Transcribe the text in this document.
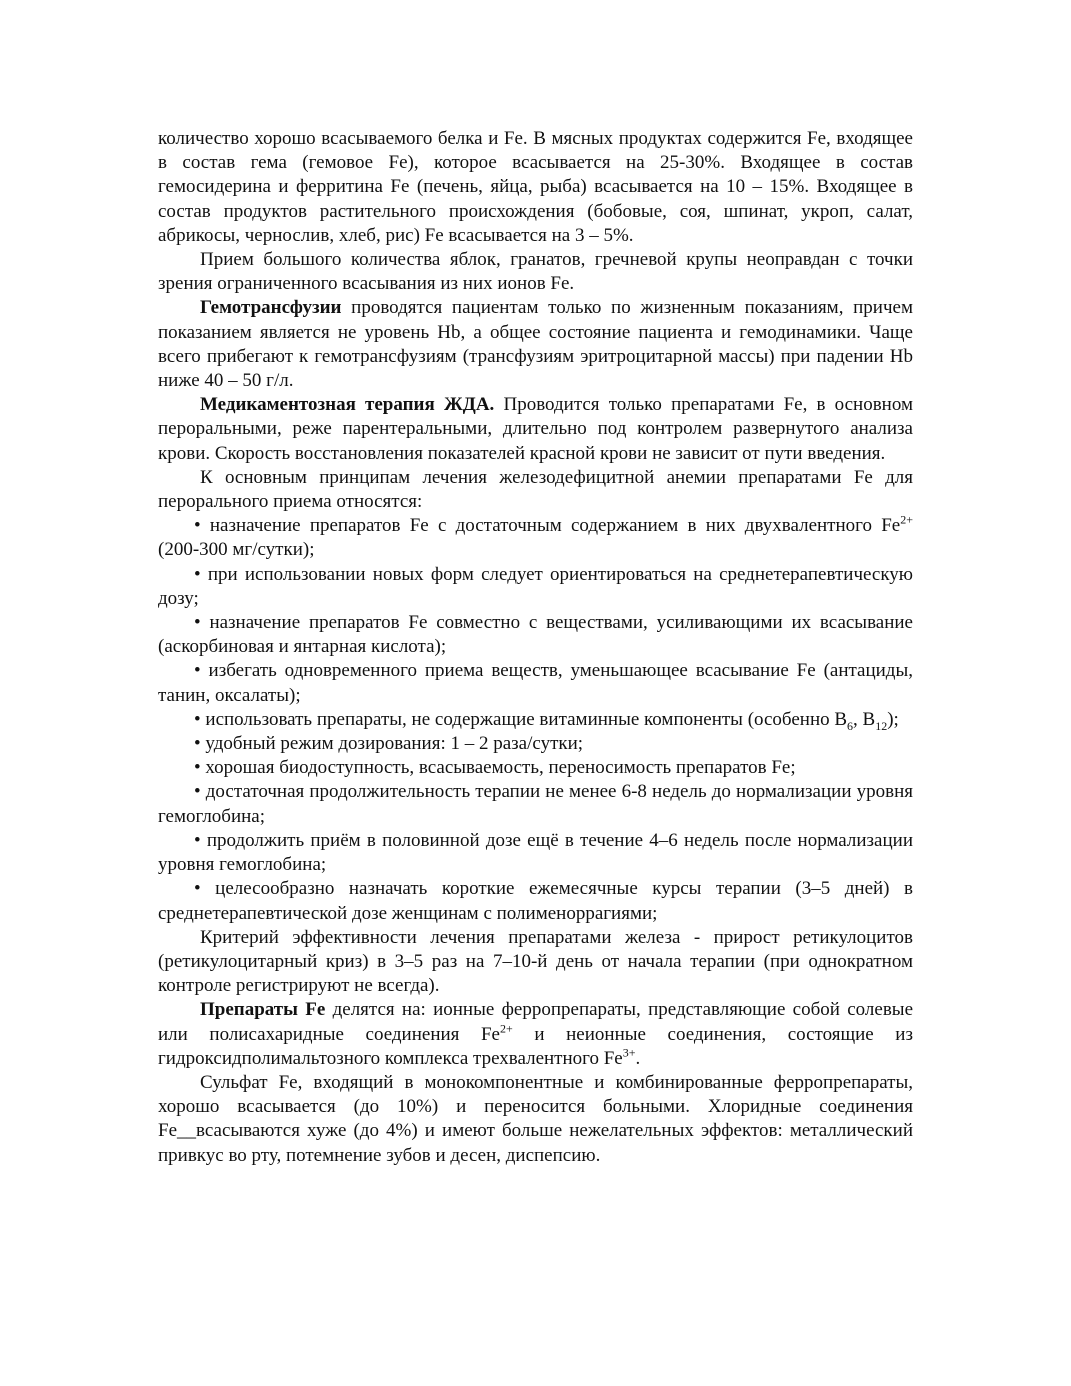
количество хорошо всасываемого белка и Fe. В мясных продуктах содержится Fe, входящее в состав гема (гемовое Fe), которое всасывается на 25-30%. Входящее в состав гемосидерина и ферритина Fe (печень, яйца, рыба) всасывается на 10 – 15%. Входящее в состав продуктов растительного происхождения (бобовые, соя, шпинат, укроп, салат, абрикосы, чернослив, хлеб, рис) Fe всасывается на 3 – 5%.

Прием большого количества яблок, гранатов, гречневой крупы неоправдан с точки зрения ограниченного всасывания из них ионов Fe.

Гемотрансфузии проводятся пациентам только по жизненным показаниям, причем показанием является не уровень Hb, а общее состояние пациента и гемодинамики. Чаще всего прибегают к гемотрансфузиям (трансфузиям эритроцитарной массы) при падении Hb ниже 40 – 50 г/л.

Медикаментозная терапия ЖДА. Проводится только препаратами Fe, в основном пероральными, реже парентеральными, длительно под контролем развернутого анализа крови. Скорость восстановления показателей красной крови не зависит от пути введения.

К основным принципам лечения железодефицитной анемии препаратами Fe для перорального приема относятся:

• назначение препаратов Fe с достаточным содержанием в них двухвалентного $Fe^{2+}$ (200-300 мг/сутки);

• при использовании новых форм следует ориентироваться на среднетерапевтическую дозу;

• назначение препаратов Fe совместно с веществами, усиливающими их всасывание (аскорбиновая и янтарная кислота);

• избегать одновременного приема веществ, уменьшающее всасывание Fe (антациды, танин, оксалаты);

• использовать препараты, не содержащие витаминные компоненты (особенно $B_6$, $B_{12}$);

• удобный режим дозирования: 1 – 2 раза/сутки;

• хорошая биодоступность, всасываемость, переносимость препаратов Fe;

• достаточная продолжительность терапии не менее 6-8 недель до нормализации уровня гемоглобина;

• продолжить приём в половинной дозе ещё в течение 4–6 недель после нормализации уровня гемоглобина;

• целесообразно назначать короткие ежемесячные курсы терапии (3–5 дней) в среднетерапевтической дозе женщинам с полименоррагиями;

Критерий эффективности лечения препаратами железа - прирост ретикулоцитов (ретикулоцитарный криз) в 3–5 раз на 7–10-й день от начала терапии (при однократном контроле регистрируют не всегда).

Препараты Fe делятся на: ионные ферропрепараты, представляющие собой солевые или полисахаридные соединения $Fe^{2+}$ и неионные соединения, состоящие из гидроксидполимальтозного комплекса трехвалентного $Fe^{3+}$.

Сульфат Fe, входящий в монокомпонентные и комбинированные ферропрепараты, хорошо всасывается (до 10%) и переносится больными. Хлоридные соединения Fe__всасываются хуже (до 4%) и имеют больше нежелательных эффектов: металлический привкус во рту, потемнение зубов и десен, диспепсию.
